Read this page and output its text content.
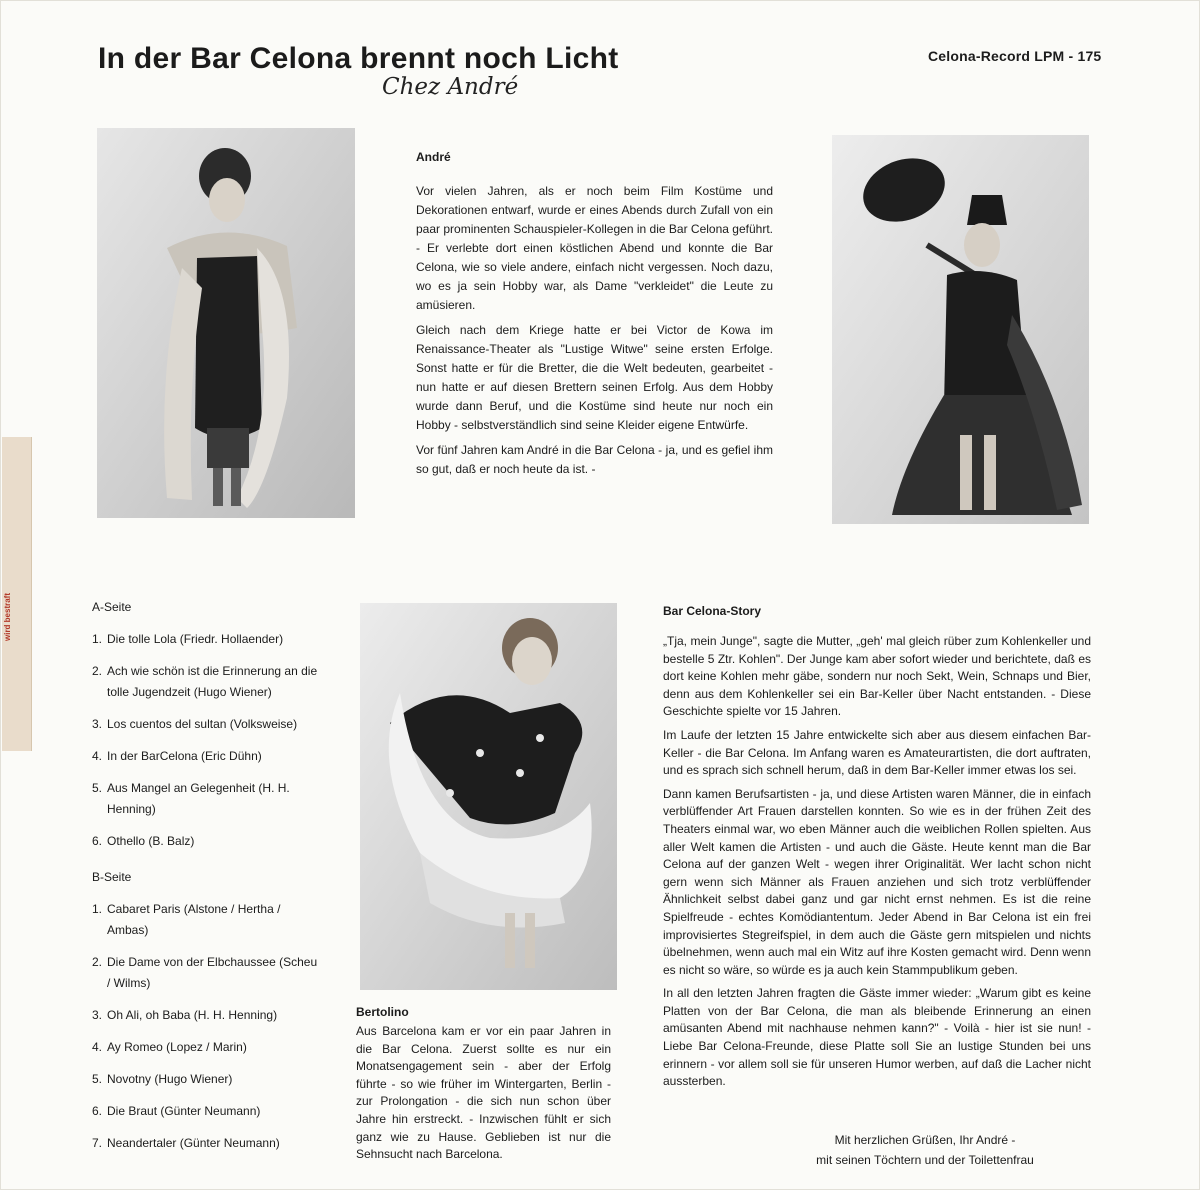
In der Bar Celona brennt noch Licht
Chez André
Celona-Record LPM - 175
wird bestraft
André

Vor vielen Jahren, als er noch beim Film Kostüme und Dekorationen entwarf, wurde er eines Abends durch Zufall von ein paar prominenten Schauspieler-Kollegen in die Bar Celona geführt. - Er verlebte dort einen köstlichen Abend und konnte die Bar Celona, wie so viele andere, einfach nicht vergessen. Noch dazu, wo es ja sein Hobby war, als Dame "verkleidet" die Leute zu amüsieren.

Gleich nach dem Kriege hatte er bei Victor de Kowa im Renaissance-Theater als "Lustige Witwe" seine ersten Erfolge. Sonst hatte er für die Bretter, die die Welt bedeuten, gearbeitet - nun hatte er auf diesen Brettern seinen Erfolg. Aus dem Hobby wurde dann Beruf, und die Kostüme sind heute nur noch ein Hobby - selbstverständlich sind seine Kleider eigene Entwürfe.

Vor fünf Jahren kam André in die Bar Celona - ja, und es gefiel ihm so gut, daß er noch heute da ist. -

A-Seite
1. Die tolle Lola (Friedr. Hollaender)
2. Ach wie schön ist die Erinnerung an die tolle Jugendzeit (Hugo Wiener)
3. Los cuentos del sultan (Volksweise)
4. In der BarCelona (Eric Dühn)
5. Aus Mangel an Gelegenheit (H. H. Henning)
6. Othello (B. Balz)
B-Seite
1. Cabaret Paris (Alstone / Hertha / Ambas)
2. Die Dame von der Elbchaussee (Scheu / Wilms)
3. Oh Ali, oh Baba (H. H. Henning)
4. Ay Romeo (Lopez / Marin)
5. Novotny (Hugo Wiener)
6. Die Braut (Günter Neumann)
7. Neandertaler (Günter Neumann)
Bertolino
Aus Barcelona kam er vor ein paar Jahren in die Bar Celona. Zuerst sollte es nur ein Monatsengagement sein - aber der Erfolg führte - so wie früher im Wintergarten, Berlin - zur Prolongation - die sich nun schon über Jahre hin erstreckt. - Inzwischen fühlt er sich ganz wie zu Hause. Geblieben ist nur die Sehnsucht nach Barcelona.
Bar Celona-Story

„Tja, mein Junge", sagte die Mutter, „geh' mal gleich rüber zum Kohlenkeller und bestelle 5 Ztr. Kohlen". Der Junge kam aber sofort wieder und berichtete, daß es dort keine Kohlen mehr gäbe, sondern nur noch Sekt, Wein, Schnaps und Bier, denn aus dem Kohlenkeller sei ein Bar-Keller über Nacht entstanden. - Diese Geschichte spielte vor 15 Jahren.

Im Laufe der letzten 15 Jahre entwickelte sich aber aus diesem einfachen Bar-Keller - die Bar Celona. Im Anfang waren es Amateurartisten, die dort auftraten, und es sprach sich schnell herum, daß in dem Bar-Keller immer etwas los sei.

Dann kamen Berufsartisten - ja, und diese Artisten waren Männer, die in einfach verblüffender Art Frauen darstellen konnten. So wie es in der frühen Zeit des Theaters einmal war, wo eben Männer auch die weiblichen Rollen spielten. Aus aller Welt kamen die Artisten - und auch die Gäste. Heute kennt man die Bar Celona auf der ganzen Welt - wegen ihrer Originalität. Wer lacht schon nicht gern wenn sich Männer als Frauen anziehen und sich trotz verblüffender Ähnlichkeit selbst dabei ganz und gar nicht ernst nehmen. Es ist die reine Spielfreude - echtes Komödiantentum. Jeder Abend in Bar Celona ist ein frei improvisiertes Stegreifspiel, in dem auch die Gäste gern mitspielen und nichts übelnehmen, wenn auch mal ein Witz auf ihre Kosten gemacht wird. Denn wenn es nicht so wäre, so würde es ja auch kein Stammpublikum geben.

In all den letzten Jahren fragten die Gäste immer wieder: „Warum gibt es keine Platten von der Bar Celona, die man als bleibende Erinnerung an einen amüsanten Abend mit nachhause nehmen kann?" - Voilà - hier ist sie nun! - Liebe Bar Celona-Freunde, diese Platte soll Sie an lustige Stunden bei uns erinnern - vor allem soll sie für unseren Humor werben, auf daß die Lacher nicht aussterben.

Mit herzlichen Grüßen, Ihr André -
mit seinen Töchtern und der Toilettenfrau
